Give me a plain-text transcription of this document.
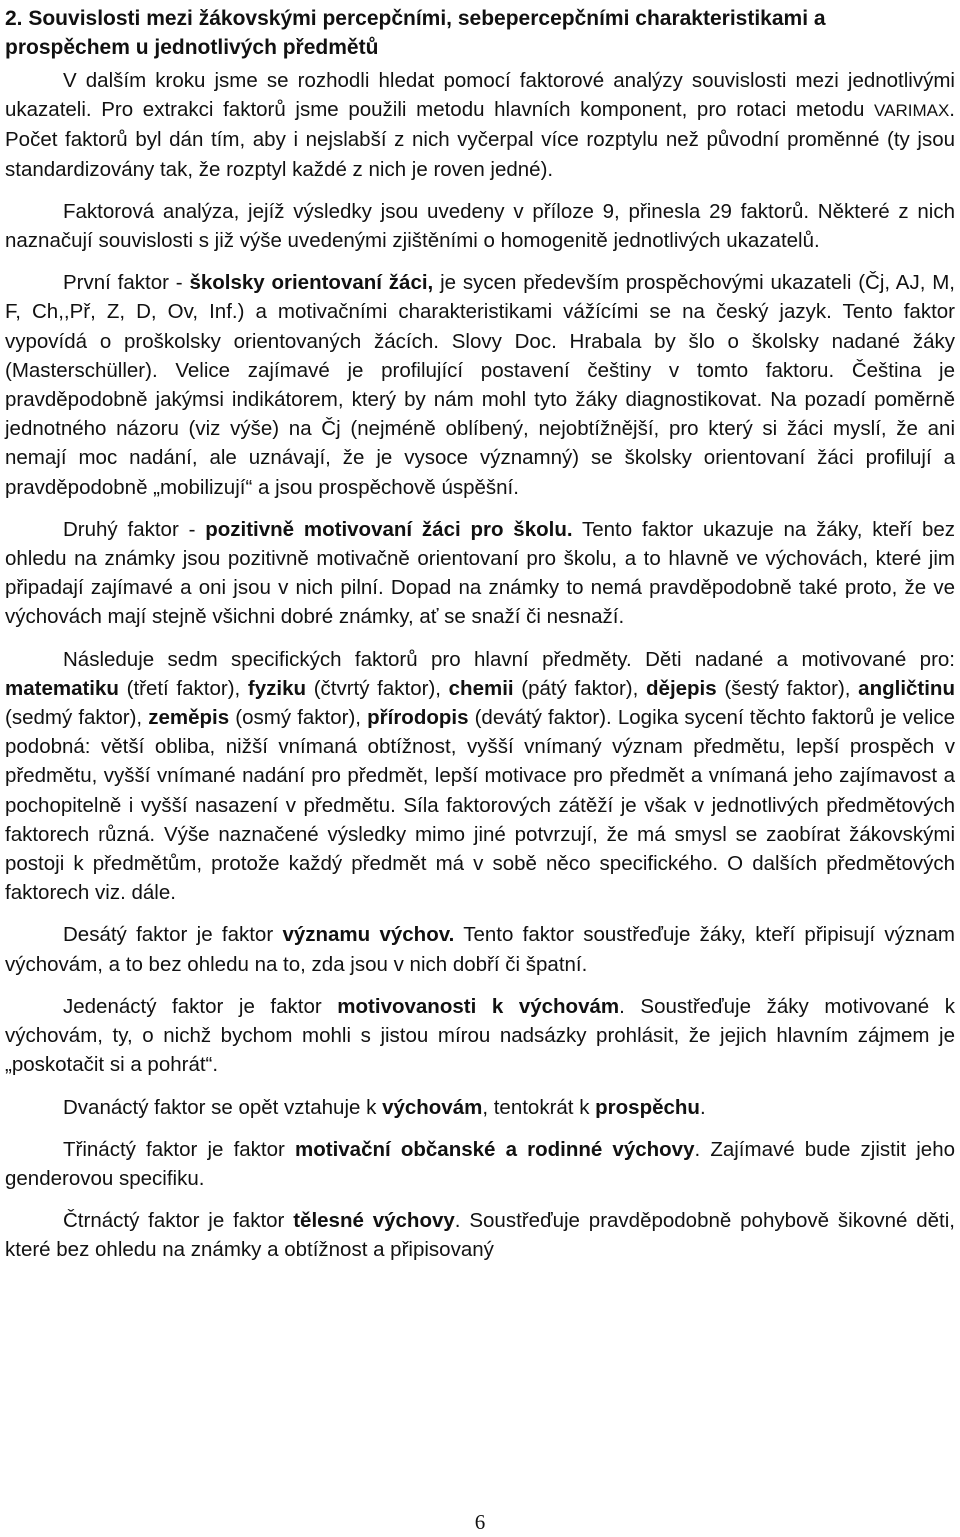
2. Souvislosti mezi žákovskými percepčními, sebepercepčními charakteristikami a prospěchem u jednotlivých předmětů

V dalším kroku jsme se rozhodli hledat pomocí faktorové analýzy souvislosti mezi jednotlivými ukazateli. Pro extrakci faktorů jsme použili metodu hlavních komponent, pro rotaci metodu VARIMAX. Počet faktorů byl dán tím, aby i nejslabší z nich vyčerpal více rozptylu než původní proměnné (ty jsou standardizovány tak, že rozptyl každé z nich je roven jedné).

Faktorová analýza, jejíž výsledky jsou uvedeny v příloze 9, přinesla 29 faktorů. Některé z nich naznačují souvislosti s již výše uvedenými zjištěními o homogenitě jednotlivých ukazatelů.

První faktor - školsky orientovaní žáci, je sycen především prospěchovými ukazateli (Čj, AJ, M, F, Ch,,Př, Z, D, Ov, Inf.) a motivačními charakteristikami vážícími se na český jazyk. Tento faktor vypovídá o proškolsky orientovaných žácích. Slovy Doc. Hrabala by šlo o školsky nadané žáky (Masterschüller). Velice zajímavé je profilující postavení češtiny v tomto faktoru. Čeština je pravděpodobně jakýmsi indikátorem, který by nám mohl tyto žáky diagnostikovat. Na pozadí poměrně jednotného názoru (viz výše) na Čj (nejméně oblíbený, nejobtížnější, pro který si žáci myslí, že ani nemají moc nadání, ale uznávají, že je vysoce významný) se školsky orientovaní žáci profilují a pravděpodobně „mobilizují“ a jsou prospěchově úspěšní.

Druhý faktor - pozitivně motivovaní žáci pro školu. Tento faktor ukazuje na žáky, kteří bez ohledu na známky jsou pozitivně motivačně orientovaní pro školu, a to hlavně ve výchovách, které jim připadají zajímavé a oni jsou v nich pilní. Dopad na známky to nemá pravděpodobně také proto, že ve výchovách mají stejně všichni dobré známky, ať se snaží či nesnaží.

Následuje sedm specifických faktorů pro hlavní předměty. Děti nadané a motivované pro: matematiku (třetí faktor), fyziku (čtvrtý faktor), chemii (pátý faktor), dějepis (šestý faktor), angličtinu (sedmý faktor), zeměpis (osmý faktor), přírodopis (devátý faktor). Logika sycení těchto faktorů je velice podobná: větší obliba, nižší vnímaná obtížnost, vyšší vnímaný význam předmětu, lepší prospěch v předmětu, vyšší vnímané nadání pro předmět, lepší motivace pro předmět a vnímaná jeho zajímavost a pochopitelně i vyšší nasazení v předmětu. Síla faktorových zátěží je však v jednotlivých předmětových faktorech různá. Výše naznačené výsledky mimo jiné potvrzují, že má smysl se zaobírat žákovskými postoji k předmětům, protože každý předmět má v sobě něco specifického. O dalších předmětových faktorech viz. dále.

Desátý faktor je faktor významu výchov. Tento faktor soustřeďuje žáky, kteří připisují význam výchovám, a to bez ohledu na to, zda jsou v nich dobří či špatní.

Jedenáctý faktor je faktor motivovanosti k výchovám. Soustřeďuje žáky motivované k výchovám, ty, o nichž bychom mohli s jistou mírou nadsázky prohlásit, že jejich hlavním zájmem je „poskotačit si a pohrát“.

Dvanáctý faktor se opět vztahuje k výchovám, tentokrát k prospěchu.

Třináctý faktor je faktor motivační občanské a rodinné výchovy. Zajímavé bude zjistit jeho genderovou specifiku.

Čtrnáctý faktor je faktor tělesné výchovy. Soustřeďuje pravděpodobně pohybově šikovné děti, které bez ohledu na známky a obtížnost a připisovaný

6
